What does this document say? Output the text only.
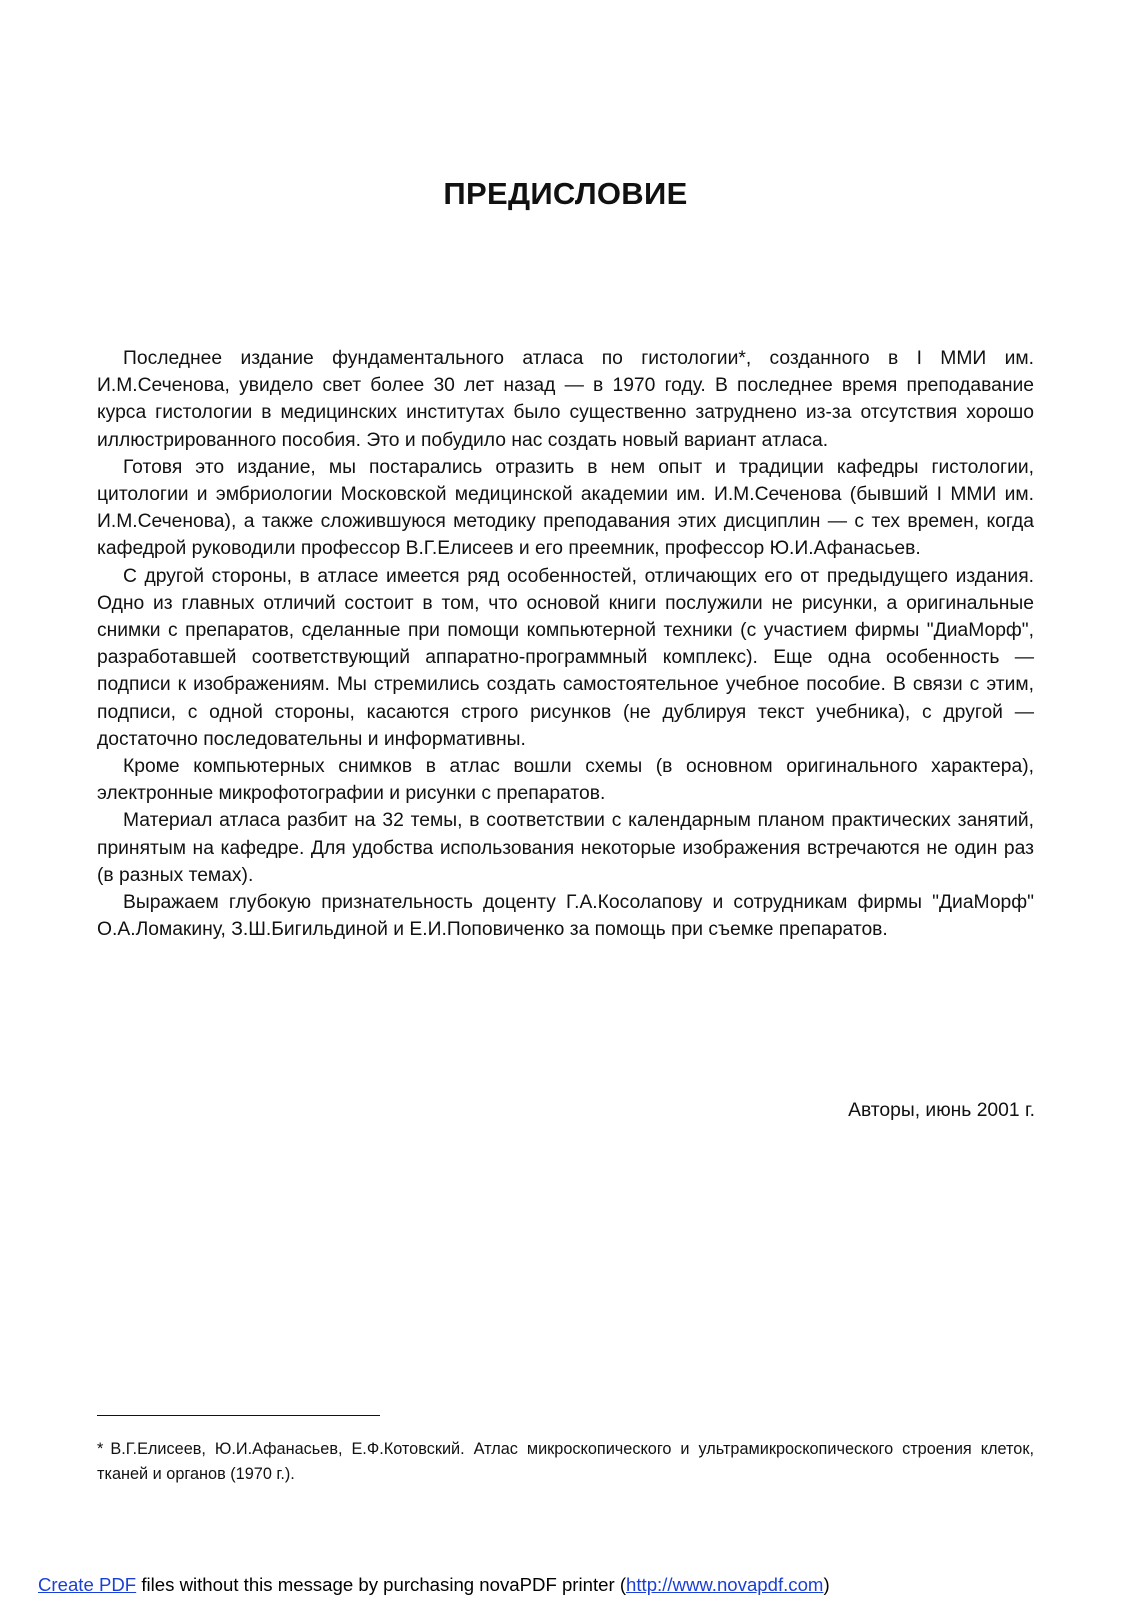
ПРЕДИСЛОВИЕ

Последнее издание фундаментального атласа по гистологии*, созданного в I ММИ им. И.М.Сеченова, увидело свет более 30 лет назад — в 1970 году. В последнее время преподавание курса гистологии в медицинских институтах было существенно затруднено из-за отсутствия хорошо иллюстрированного пособия. Это и побудило нас создать новый вариант атласа.

Готовя это издание, мы постарались отразить в нем опыт и традиции кафедры гистологии, цитологии и эмбриологии Московской медицинской академии им. И.М.Сеченова (бывший I ММИ им. И.М.Сеченова), а также сложившуюся методику преподавания этих дисциплин — с тех времен, когда кафедрой руководили профессор В.Г.Елисеев и его преемник, профессор Ю.И.Афанасьев.

С другой стороны, в атласе имеется ряд особенностей, отличающих его от предыдущего издания. Одно из главных отличий состоит в том, что основой книги послужили не рисунки, а оригинальные снимки с препаратов, сделанные при помощи компьютерной техники (с участием фирмы "ДиаМорф", разработавшей соответствующий аппаратно-программный комплекс). Еще одна особенность — подписи к изображениям. Мы стремились создать самостоятельное учебное пособие. В связи с этим, подписи, с одной стороны, касаются строго рисунков (не дублируя текст учебника), с другой — достаточно последовательны и информативны.

Кроме компьютерных снимков в атлас вошли схемы (в основном оригинального характера), электронные микрофотографии и рисунки с препаратов.

Материал атласа разбит на 32 темы, в соответствии с календарным планом практических занятий, принятым на кафедре. Для удобства использования некоторые изображения встречаются не один раз (в разных темах).

Выражаем глубокую признательность доценту Г.А.Косолапову и сотрудникам фирмы "ДиаМорф" О.А.Ломакину, З.Ш.Бигильдиной и Е.И.Поповиченко за помощь при съемке препаратов.

Авторы, июнь 2001 г.
* В.Г.Елисеев, Ю.И.Афанасьев, Е.Ф.Котовский. Атлас микроскопического и ультрамикроскопического строения клеток, тканей и органов (1970 г.).
Create PDF files without this message by purchasing novaPDF printer (http://www.novapdf.com)
